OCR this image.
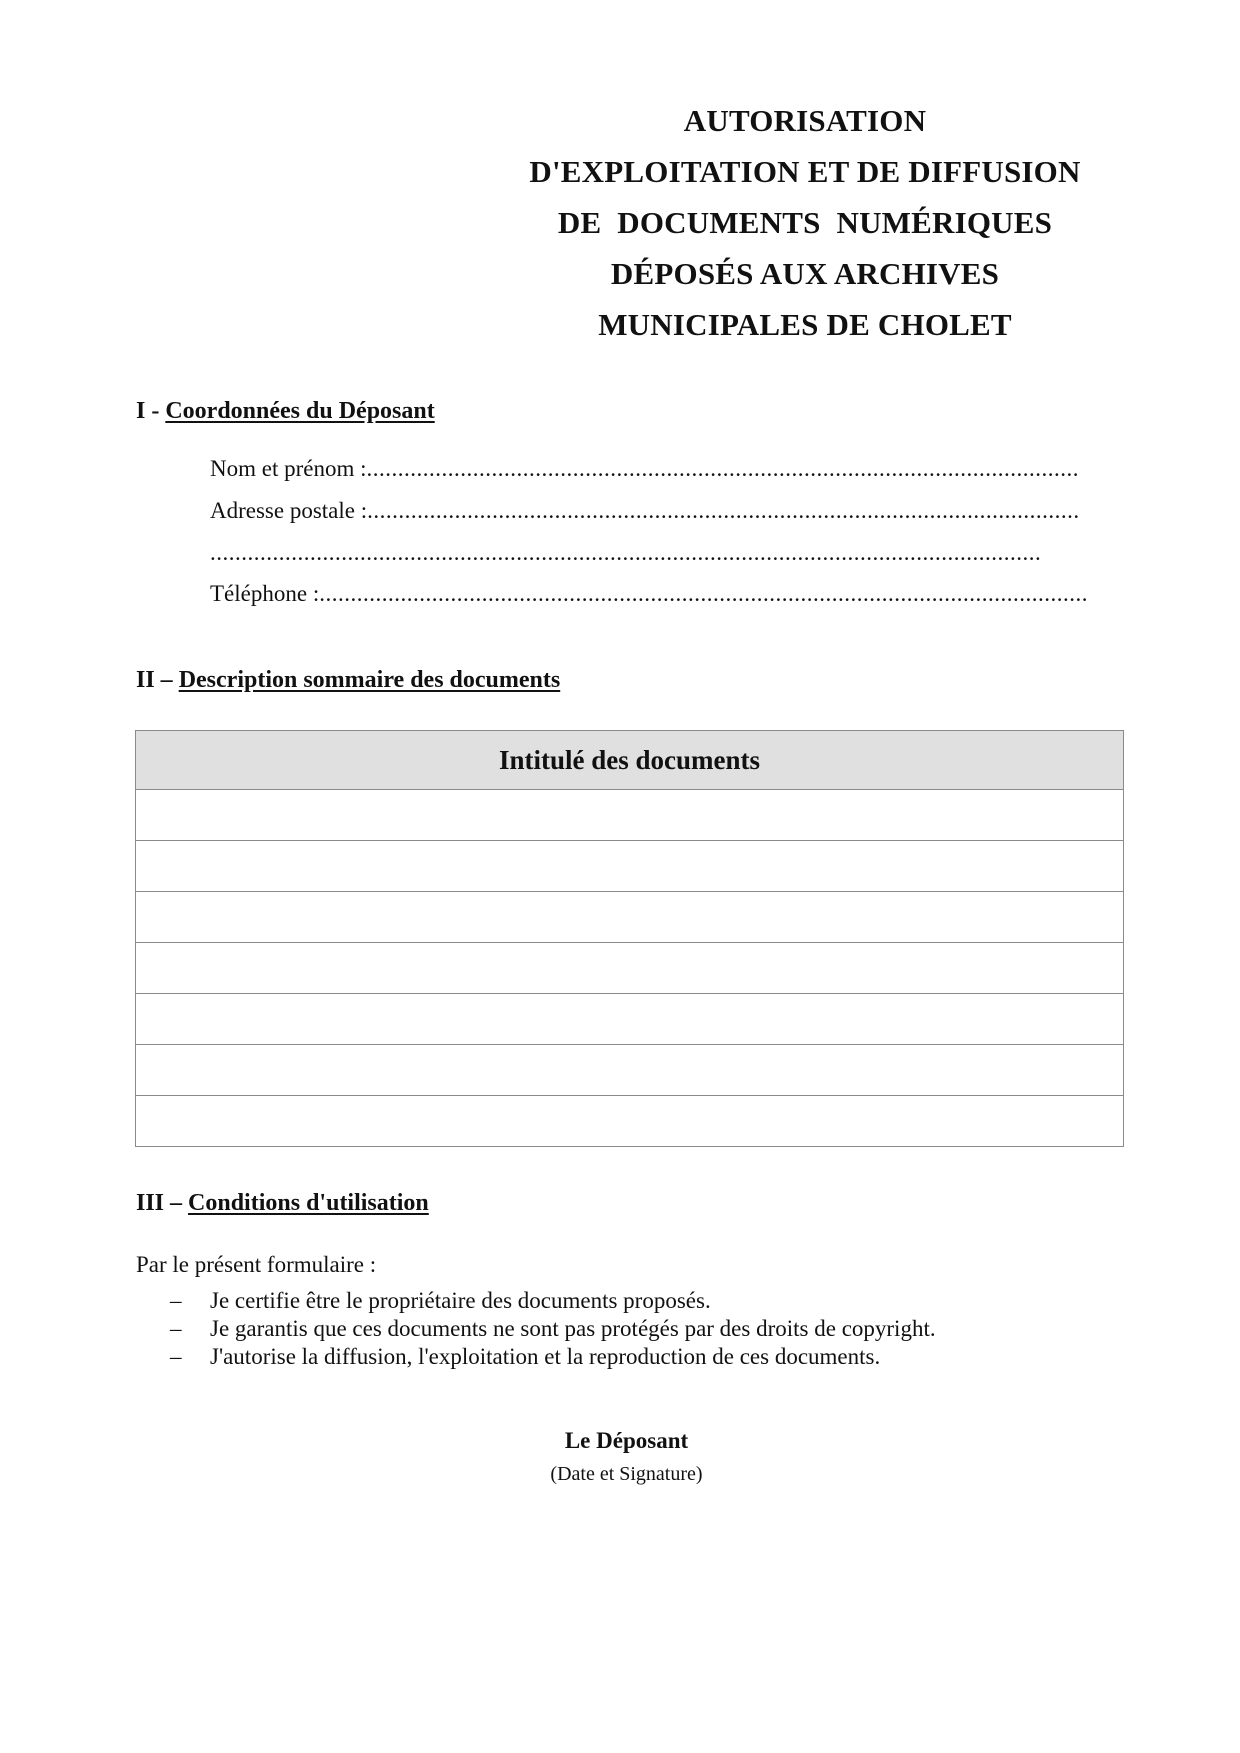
AUTORISATION
D'EXPLOITATION ET DE DIFFUSION
DE  DOCUMENTS  NUMÉRIQUES
DÉPOSÉS AUX ARCHIVES
MUNICIPALES DE CHOLET
I - Coordonnées du Déposant
Nom et prénom : ..................................................................................................................
Adresse postale : ..................................................................................................................
.....................................................................................................................................
Téléphone : ...........................................................................................................................
II – Description sommaire des documents
Intitulé des documents

III – Conditions d'utilisation
Par le présent formulaire :
–	Je certifie être le propriétaire des documents proposés.
–	Je garantis que ces documents ne sont pas protégés par des droits de copyright.
–	J'autorise la diffusion, l'exploitation et la reproduction de ces documents.
Le Déposant
(Date et Signature)
